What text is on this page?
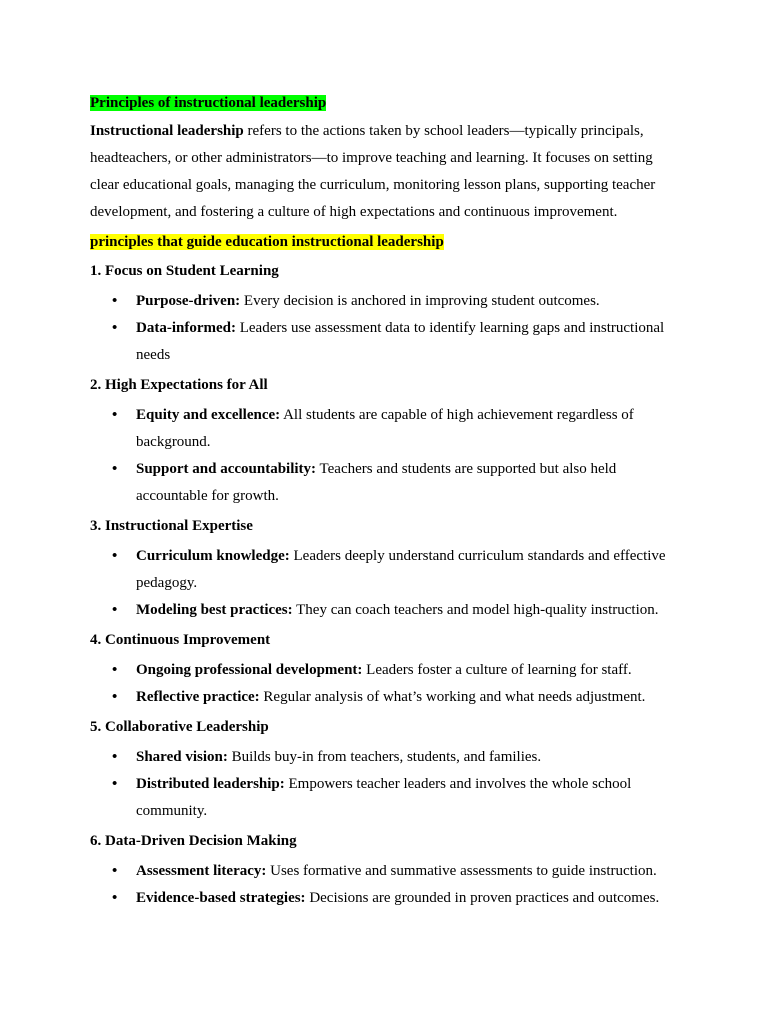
Principles of instructional leadership

Instructional leadership refers to the actions taken by school leaders—typically principals, headteachers, or other administrators—to improve teaching and learning. It focuses on setting clear educational goals, managing the curriculum, monitoring lesson plans, supporting teacher development, and fostering a culture of high expectations and continuous improvement.

principles that guide education instructional leadership
1. Focus on Student Learning
• Purpose-driven: Every decision is anchored in improving student outcomes.
• Data-informed: Leaders use assessment data to identify learning gaps and instructional needs
2. High Expectations for All
• Equity and excellence: All students are capable of high achievement regardless of background.
• Support and accountability: Teachers and students are supported but also held accountable for growth.
3. Instructional Expertise
• Curriculum knowledge: Leaders deeply understand curriculum standards and effective pedagogy.
• Modeling best practices: They can coach teachers and model high-quality instruction.
4. Continuous Improvement
• Ongoing professional development: Leaders foster a culture of learning for staff.
• Reflective practice: Regular analysis of what’s working and what needs adjustment.
5. Collaborative Leadership
• Shared vision: Builds buy-in from teachers, students, and families.
• Distributed leadership: Empowers teacher leaders and involves the whole school community.
6. Data-Driven Decision Making
• Assessment literacy: Uses formative and summative assessments to guide instruction.
• Evidence-based strategies: Decisions are grounded in proven practices and outcomes.
